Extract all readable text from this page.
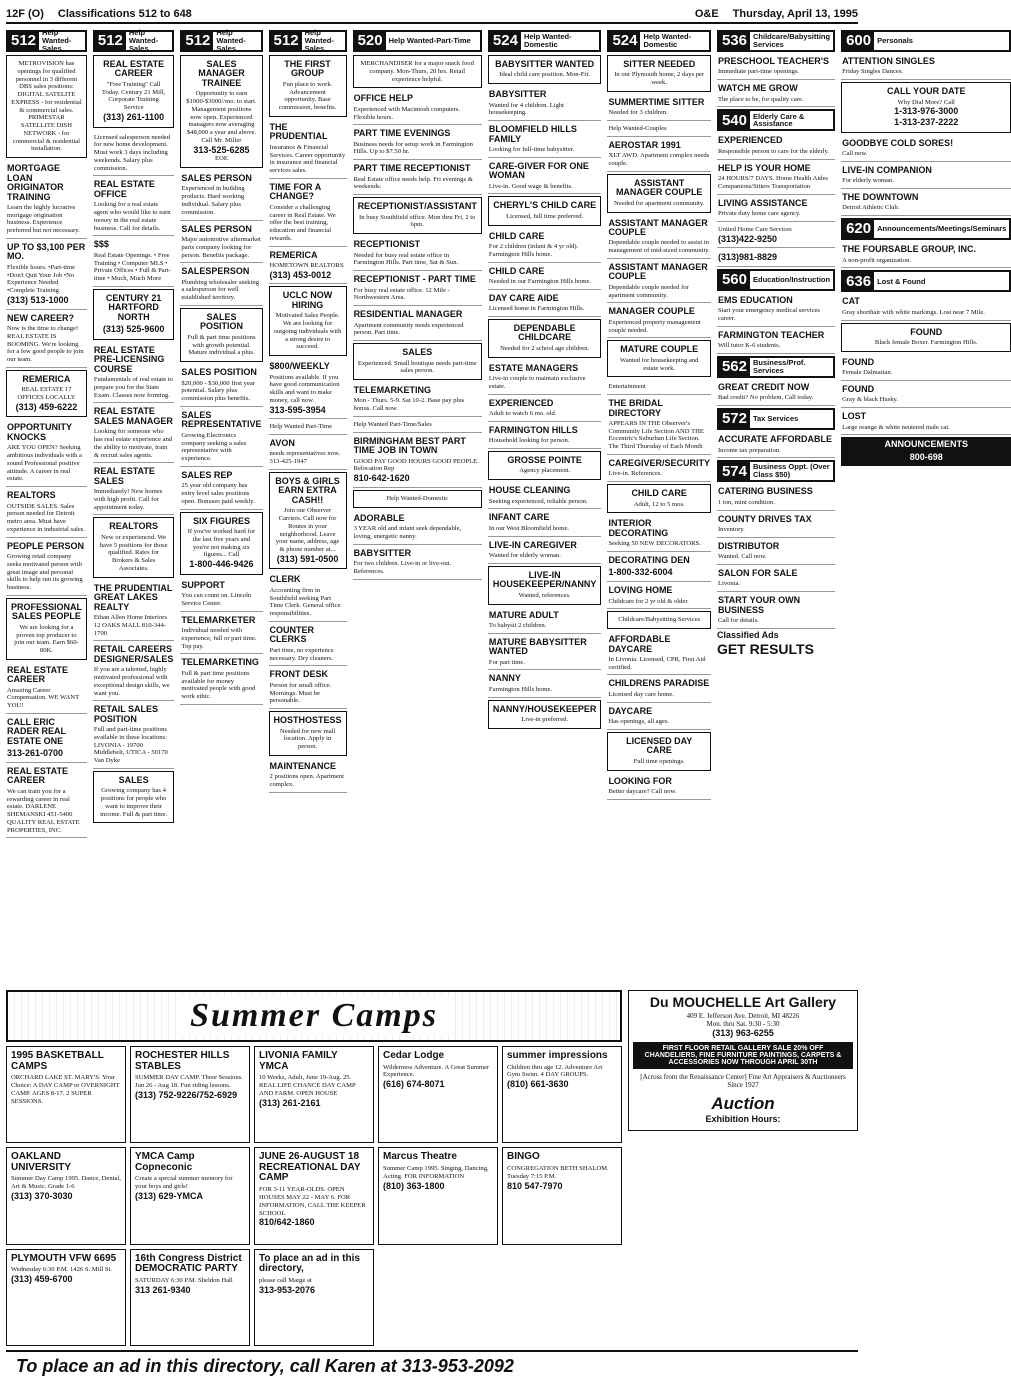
12F (O) Classifications 512 to 648	O&E Thursday, April 13, 1995
512 Help Wanted-Sales
METROVISION has openings for qualified personnel in 3 different DBS sales positions: DIGITAL SATELITE EXPRESS - for residential & commercial sales. PRIMESTAR SATELLITE DISH NETWORK - for commercial & residential installation.
MORTGAGE LOAN ORIGINATOR TRAINING
Learn the highly lucrative mortgage origination business. Experience preferred but not necessary.
UP TO $3,100 PER MO.
Flexible hours. •Part-time •Don't Quit Your Job •No Experience Needed •Complete Training
(313) 513-1000
NEW CAREER?
Now is the time to change! REAL ESTATE IS BOOMING. We're looking for a few good people to join our team.
REMERICA
REAL ESTATE 17 OFFICES LOCALLY
(313) 459-6222
OPPORTUNITY KNOCKS
ARE YOU OPEN? Seeking ambitious individuals with a sound Professional positive attitude. A career in real estate.
REALTORS
OUTSIDE SALES. Sales person needed for Detroit metro area. Must have experience in industrial sales.
PEOPLE PERSON
Growing retail company seeks motivated person with great image and personal skills to help run its growing business.
PROFESSIONAL SALES PEOPLE
We are looking for a proven top producer to join our team. Earn $60-80K.
REAL ESTATE CAREER
Amazing Career Compensation. WE WANT YOU!
CALL ERIC RADER REAL ESTATE ONE
313-261-0700
REAL ESTATE CAREER
We can train you for a rewarding career in real estate. DARLENE SHEMANSKI 451-5400 QUALITY REAL ESTATE PROPERTIES, INC.
512 Help Wanted-Sales
REAL ESTATE CAREER
"Free Training" Call Today. Century 21 Mill, Corporate Training Service
(313) 261-1100
Licensed salesperson needed for new home development. Must work 3 days including weekends. Salary plus commission.
REAL ESTATE OFFICE
Looking for a real estate agent who would like to earn money in the real estate business. Call for details.
$$$
Real Estate Openings. • Free Training • Computer MLS • Private Offices • Full & Part-time • Much, Much More
CENTURY 21 HARTFORD NORTH
(313) 525-9600
REAL ESTATE PRE-LICENSING COURSE
Fundamentals of real estate to prepare you for the State Exam. Classes now forming.
REAL ESTATE SALES MANAGER
Looking for someone who has real estate experience and the ability to motivate, train & recruit sales agents.
REAL ESTATE SALES
Immediately! New homes with high profit. Call for appointment today.
REALTORS
New or experienced. We have 5 positions for those qualified. Rates for Brokers & Sales Associates.
THE PRUDENTIAL GREAT LAKES REALTY
Ethan Allen Home Interiors 12 OAKS MALL 810-344-1700
RETAIL CAREERS DESIGNER/SALES
If you are a talented, highly motivated professional with exceptional design skills, we want you.
RETAIL SALES POSITION
Full and part-time positions available in these locations: LIVONIA - 19700 Middlebelt, UTICA - 50170 Van Dyke
SALES
Growing company has 4 positions for people who want to improve their income. Full & part time.
512 Help Wanted-Sales
SALES MANAGER TRAINEE
Opportunity to earn $1000-$3000//mo. to start. Management positions now open. Experienced managers now averaging $48,000 a year and above. Call Mr. Miller
313-525-6285
EOE
SALES PERSON
Experienced in building products. Hard working individual. Salary plus commission.
SALES PERSON
Major automotive aftermarket parts company looking for person. Benefits package.
SALESPERSON
Plumbing wholesaler seeking a salesperson for well established territory.
SALES POSITION
Full & part time positions with growth potential. Mature individual a plus.
SALES POSITION
$20,000 - $30,000 first year potential. Salary plus commission plus benefits.
SALES REPRESENTATIVE
Growing Electronics company seeking a sales representative with experience.
SALES REP
25 year old company has entry level sales positions open. Bonuses paid weekly.
SIX FIGURES
If you've worked hard for the last five years and you're not making six figures... Call
1-800-446-9426
SUPPORT
You can count on. Lincoln Service Center.
TELEMARKETER
Individual needed with experience, full or part time. Top pay.
TELEMARKETING
Full & part time positions available for money motivated people with good work ethic.
512 Help Wanted-Sales
THE FIRST GROUP
Fun place to work. Advancement opportunity. Base commission, benefits.
THE PRUDENTIAL
Insurance & Financial Services. Career opportunity in insurance and financial services sales.
TIME FOR A CHANGE?
Consider a challenging career in Real Estate. We offer the best training, education and financial rewards.
REMERICA
HOMETOWN REALTORS
(313) 453-0012
UCLC NOW HIRING
Motivated Sales People. We are looking for outgoing individuals with a strong desire to succeed.
$800/WEEKLY
Positions available. If you have good communication skills and want to make money, call now.
313-595-3954
Help Wanted Part-Time
AVON
needs representatives now. 313-425-1947
BOYS & GIRLS EARN EXTRA CASH!!
Join our Observer Carriers. Call now for Routes in your neighborhood. Leave your name, address, age & phone number at...
(313) 591-0500
CLERK
Accounting firm in Southfield seeking Part Time Clerk. General office responsibilities.
COUNTER CLERKS
Part time, no experience necessary. Dry cleaners.
FRONT DESK
Person for small office. Mornings. Must be personable.
HOSTHOSTESS
Needed for new mall location. Apply in person.
MAINTENANCE
2 positions open. Apartment complex.
520 Help Wanted-Part-Time
MERCHANDISER for a major snack food company. Mon-Thurs, 20 hrs. Retail experience helpful.
OFFICE HELP
Experienced with Macintosh computers. Flexible hours.
PART TIME EVENINGS
Business needs for setup work in Farmington Hills. Up to $7.50 hr.
PART TIME RECEPTIONIST
Real Estate office needs help. Fri evenings & weekends.
RECEPTIONIST/ASSISTANT
In busy Southfield office. Mon thru Fri, 2 to 6pm.
RECEPTIONIST
Needed for busy real estate office in Farmington Hills. Part time, Sat & Sun.
RECEPTIONIST - PART TIME
For busy real estate office. 12 Mile - Northwestern Area.
RESIDENTIAL MANAGER
Apartment community needs experienced person. Part time.
SALES
Experienced. Small boutique needs part-time sales person.
TELEMARKETING
Mon - Thurs. 5-9. Sat 10-2. Base pay plus bonus. Call now.
Help Wanted Part-Time/Sales
BIRMINGHAM BEST PART TIME JOB IN TOWN
GOOD PAY GOOD HOURS GOOD PEOPLE. Relocation Rep
810-642-1620
Help Wanted-Domestic
ADORABLE
3 YEAR old and infant seek dependable, loving, energetic nanny.
BABYSITTER
For two children. Live-in or live-out. References.
524 Help Wanted-Domestic
BABYSITTER WANTED
Ideal child care position. Mon-Fri.
BABYSITTER
Wanted for 4 children. Light housekeeping.
BLOOMFIELD HILLS FAMILY
Looking for full-time babysitter.
CARE-GIVER FOR ONE WOMAN
Live-in. Good wage & benefits.
CHERYL'S CHILD CARE
Licensed, full time preferred.
CHILD CARE
For 2 children (infant & 4 yr old). Farmington Hills home.
CHILD CARE
Needed in our Farmington Hills home.
DAY CARE AIDE
Licensed home in Farmington Hills.
DEPENDABLE CHILDCARE
Needed for 2 school age children.
ESTATE MANAGERS
Live-in couple to maintain exclusive estate.
EXPERIENCED
Adult to watch 6 mo. old.
FARMINGTON HILLS
Household looking for person.
GROSSE POINTE
Agency placement.
HOUSE CLEANING
Seeking experienced, reliable person.
INFANT CARE
In our West Bloomfield home.
LIVE-IN CAREGIVER
Wanted for elderly woman.
LIVE-IN HOUSEKEEPER/NANNY
Wanted, references.
MATURE ADULT
To babysit 2 children.
MATURE BABYSITTER WANTED
For part time.
NANNY
Farmington Hills home.
NANNY/HOUSEKEEPER
Live-in preferred.
524 Help Wanted-Domestic
SITTER NEEDED
In our Plymouth home, 2 days per week.
SUMMERTIME SITTER
Needed for 3 children.
Help Wanted-Couples
AEROSTAR 1991
XLT AWD. Apartment complex needs couple.
ASSISTANT MANAGER COUPLE
Needed for apartment community.
ASSISTANT MANAGER COUPLE
Dependable couple needed to assist in management of mid-sized community.
ASSISTANT MANAGER COUPLE
Dependable couple needed for apartment community.
MANAGER COUPLE
Experienced property management couple needed.
MATURE COUPLE
Wanted for housekeeping and estate work.
Entertainment
THE BRIDAL DIRECTORY
APPEARS IN THE Observer's Community Life Section AND THE Eccentric's Suburban Life Section. The Third Thursday of Each Month
CAREGIVER/SECURITY
Live-in. References.
CHILD CARE
Adult, 12 to 5 mos.
INTERIOR DECORATING
Seeking 50 NEW DECORATORS.
DECORATING DEN
1-800-332-6004
LOVING HOME
Childcare for 2 yr old & older.
Childcare/Babysitting Services
AFFORDABLE DAYCARE
In Livonia. Licensed, CPR, First Aid certified.
CHILDRENS PARADISE
Licensed day care home.
DAYCARE
Has openings, all ages.
LICENSED DAY CARE
Full time openings.
LOOKING FOR
Better daycare? Call now.
536 Childcare/Babysitting Services
PRESCHOOL TEACHER'S
Immediate part-time openings.
WATCH ME GROW
The place to be, for quality care.
540 Elderly Care & Assistance
EXPERIENCED
Responsible person to care for the elderly.
HELP IS YOUR HOME
24 HOURS/7 DAYS. Home Health Aides Companions/Sitters Transportation
LIVING ASSISTANCE
Private duty home care agency.
United Home Care Services
(313)422-9250
(313)981-8829
560 Education/Instruction
EMS EDUCATION
Start your emergency medical services career.
FARMINGTON TEACHER
Will tutor K-6 students.
562 Business/Prof. Services
GREAT CREDIT NOW
Bad credit? No problem. Call today.
572 Tax Services
ACCURATE AFFORDABLE
Income tax preparation.
574 Business Oppt. (Over Class $50)
CATERING BUSINESS
1 ton, mint condition.
COUNTY DRIVES TAX
Inventory.
DISTRIBUTOR
Wanted. Call now.
SALON FOR SALE
Livonia.
START YOUR OWN BUSINESS
Call for details.
Classified Ads
GET RESULTS
600 Personals
ATTENTION SINGLES
Friday Singles Dances.
CALL YOUR DATE
Why Dial More? Call
1-313-976-3000
1-313-237-2222
GOODBYE COLD SORES!
Call now.
LIVE-IN COMPANION
For elderly woman.
THE DOWNTOWN
Detroit Athletic Club.
620 Announcements/Meetings/Seminars
THE FOURSABLE GROUP, INC.
A non-profit organization.
636 Lost & Found
CAT
Gray shorthair with white markings. Lost near 7 Mile.
FOUND
Black female Boxer. Farmington Hills.
FOUND
Female Dalmatian.
FOUND
Gray & black Husky.
LOST
Large orange & white neutered male cat.
ANNOUNCEMENTS
800-698
Summer Camps
1995 BASKETBALL CAMPS
ORCHARD LAKE ST. MARY'S. Your Choice: A DAY CAMP or OVERNIGHT CAMP. AGES 8-17. 2 SUPER SESSIONS.
ROCHESTER HILLS STABLES
SUMMER DAY CAMP. Three Sessions. Jun 26 - Aug 18. Fun riding lessons.
(313) 752-9226/752-6929
LIVONIA FAMILY YMCA
10 Weeks, Adult, June 19-Aug. 25. REAL LIFE CHANCE DAY CAMP AND FARM. OPEN HOUSE
(313) 261-2161
Cedar Lodge
Wilderness Adventure. A Great Summer Experience.
(616) 674-8071
summer impressions
Children thru age 12. Adventure Art Gym Swim. 4 DAY GROUPS.
(810) 661-3630
OAKLAND UNIVERSITY
Summer Day Camp 1995. Dance, Dental, Art & Music. Grade 1-6
(313) 370-3030
YMCA Camp Copneconic
Create a special summer memory for your boys and girls!
(313) 629-YMCA
JUNE 26-AUGUST 18 RECREATIONAL DAY CAMP
FOR 3-11 YEAR-OLDS. OPEN HOUSES MAY 22 - MAY 6. FOR INFORMATION, CALL THE KEEPER SCHOOL
810/642-1860
Marcus Theatre
Summer Camp 1995. Singing, Dancing, Acting. FOR INFORMATION
(810) 363-1800
BINGO
CONGREGATION BETH SHALOM. Tuesday 7:15 P.M.
810 547-7970
PLYMOUTH VFW 6695
Wednesday 6:30 P.M. 1426 S. Mill St.
(313) 459-6700
16th Congress District DEMOCRATIC PARTY
SATURDAY 6:30 P.M. Sheldon Hall
313 261-9340
To place an ad in this directory,
please call Marge at
313-953-2076
Du MOUCHELLE Art Gallery
409 E. Jefferson Ave. Detroit, MI 48226
Mon. thru Sat. 9:30 - 5:30
(313) 963-6255
FIRST FLOOR RETAIL GALLERY SALE 20% OFF CHANDELIERS, FINE FURNITURE PAINTINGS, CARPETS & ACCESSORIES NOW THROUGH APRIL 30TH
[Across from the Renaissance Center] Fine Art Appraisers & Auctioneers Since 1927
Auction
Exhibition Hours:
To place an ad in this directory, call Karen at 313-953-2092
